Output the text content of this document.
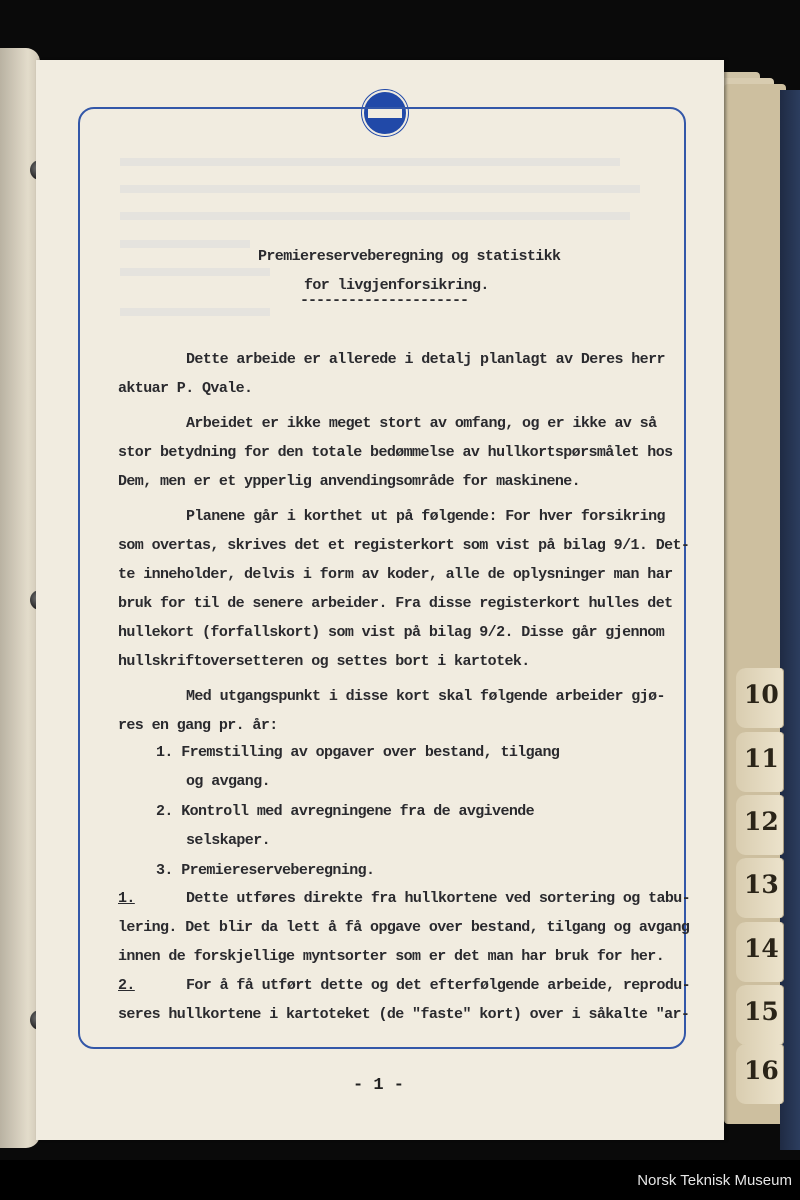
10
11
12
13
14
15
16
Premiereserveberegning og statistikk
for livgjenforsikring.
---------------------
Dette arbeide er allerede i detalj planlagt av Deres herr
aktuar P. Qvale.
Arbeidet er ikke meget stort av omfang, og er ikke av så
stor betydning for den totale bedømmelse av hullkortspørsmålet hos
Dem, men er et ypperlig anvendingsområde for maskinene.
Planene går i korthet ut på følgende: For hver forsikring
som overtas, skrives det et registerkort som vist på bilag 9/1. Det-
te inneholder, delvis i form av koder, alle de oplysninger man har
bruk for til de senere arbeider. Fra disse registerkort hulles det
hullekort (forfallskort) som vist på bilag 9/2. Disse går gjennom
hullskriftoversetteren og settes bort i kartotek.
Med utgangspunkt i disse kort skal følgende arbeider gjø-
res en gang pr. år:
1. Fremstilling av opgaver over bestand, tilgang
og avgang.
2. Kontroll med avregningene fra de avgivende
selskaper.
3. Premiereserveberegning.
1.	Dette utføres direkte fra hullkortene ved sortering og tabu-
lering. Det blir da lett å få opgave over bestand, tilgang og avgang
innen de forskjellige myntsorter som er det man har bruk for her.
2.	For å få utført dette og det efterfølgende arbeide, reprodu-
seres hullkortene i kartoteket (de "faste" kort) over i såkalte "ar-
- 1 -
Norsk Teknisk Museum
